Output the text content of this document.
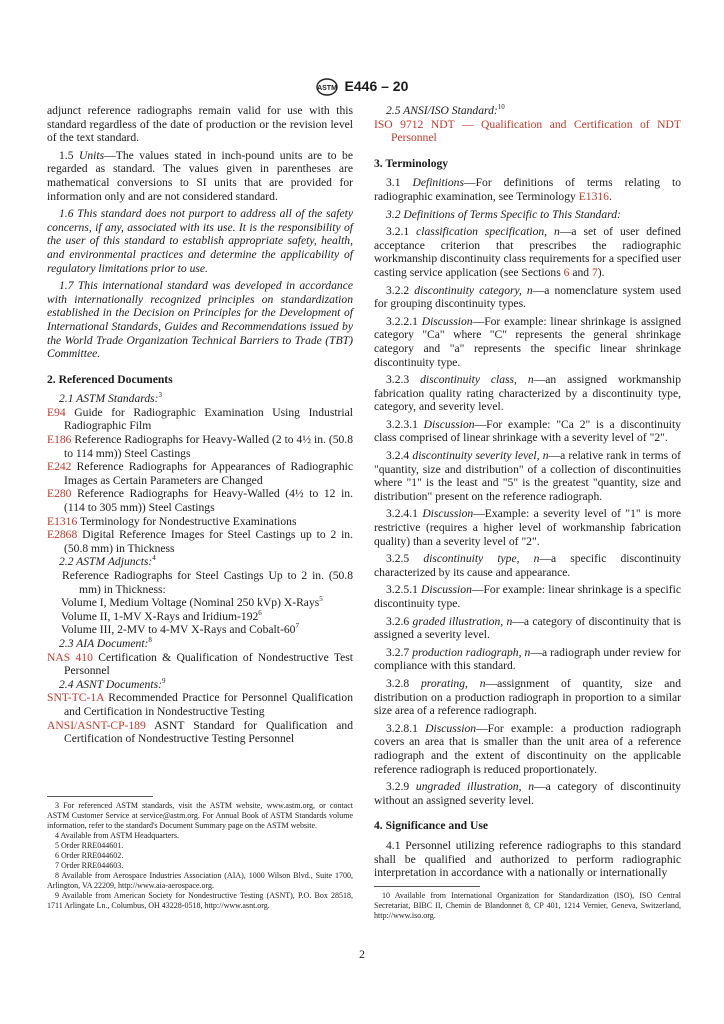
ASTM E446 – 20

adjunct reference radiographs remain valid for use with this standard regardless of the date of production or the revision level of the text standard.

1.5 Units—The values stated in inch-pound units are to be regarded as standard. The values given in parentheses are mathematical conversions to SI units that are provided for information only and are not considered standard.

1.6 This standard does not purport to address all of the safety concerns, if any, associated with its use. It is the responsibility of the user of this standard to establish appropriate safety, health, and environmental practices and determine the applicability of regulatory limitations prior to use.

1.7 This international standard was developed in accordance with internationally recognized principles on standardization established in the Decision on Principles for the Development of International Standards, Guides and Recommendations issued by the World Trade Organization Technical Barriers to Trade (TBT) Committee.

2. Referenced Documents

2.1 ASTM Standards:$^3$

E94 Guide for Radiographic Examination Using Industrial Radiographic Film

E186 Reference Radiographs for Heavy-Walled (2 to 4½ in. (50.8 to 114 mm)) Steel Castings

E242 Reference Radiographs for Appearances of Radiographic Images as Certain Parameters are Changed

E280 Reference Radiographs for Heavy-Walled (4½ to 12 in. (114 to 305 mm)) Steel Castings

E1316 Terminology for Nondestructive Examinations

E2868 Digital Reference Images for Steel Castings up to 2 in. (50.8 mm) in Thickness

2.2 ASTM Adjuncts:$^4$

Reference Radiographs for Steel Castings Up to 2 in. (50.8 mm) in Thickness:

Volume I, Medium Voltage (Nominal 250 kVp) X-Rays$^5$

Volume II, 1-MV X-Rays and Iridium-$192^6$

Volume III, 2-MV to 4-MV X-Rays and Cobalt-$60^7$

2.3 AIA Document:$^8$

NAS 410 Certification & Qualification of Nondestructive Test Personnel

2.4 ASNT Documents:$^9$

SNT-TC-1A Recommended Practice for Personnel Qualification and Certification in Nondestructive Testing

ANSI/ASNT-CP-189 ASNT Standard for Qualification and Certification of Nondestructive Testing Personnel

3 For referenced ASTM standards, visit the ASTM website, www.astm.org, or contact ASTM Customer Service at service@astm.org. For Annual Book of ASTM Standards volume information, refer to the standard's Document Summary page on the ASTM website.

4 Available from ASTM Headquarters.

5 Order RRE044601.

6 Order RRE044602.

7 Order RRE044603.

8 Available from Aerospace Industries Association (AIA), 1000 Wilson Blvd., Suite 1700, Arlington, VA 22209, http://www.aia-aerospace.org.

9 Available from American Society for Nondestructive Testing (ASNT), P.O. Box 28518, 1711 Arlingate Ln., Columbus, OH 43228-0518, http://www.asnt.org.

2.5 ANSI/ISO Standard:$^{10}$

ISO 9712 NDT — Qualification and Certification of NDT Personnel

3. Terminology

3.1 Definitions—For definitions of terms relating to radiographic examination, see Terminology E1316.

3.2 Definitions of Terms Specific to This Standard:

3.2.1 classification specification, n—a set of user defined acceptance criterion that prescribes the radiographic workmanship discontinuity class requirements for a specified user casting service application (see Sections 6 and 7).

3.2.2 discontinuity category, n—a nomenclature system used for grouping discontinuity types.

3.2.2.1 Discussion—For example: linear shrinkage is assigned category "Ca" where "C" represents the general shrinkage category and "a" represents the specific linear shrinkage discontinuity type.

3.2.3 discontinuity class, n—an assigned workmanship fabrication quality rating characterized by a discontinuity type, category, and severity level.

3.2.3.1 Discussion—For example: "Ca 2" is a discontinuity class comprised of linear shrinkage with a severity level of "2".

3.2.4 discontinuity severity level, n—a relative rank in terms of "quantity, size and distribution" of a collection of discontinuities where "1" is the least and "5" is the greatest "quantity, size and distribution" present on the reference radiograph.

3.2.4.1 Discussion—Example: a severity level of "1" is more restrictive (requires a higher level of workmanship fabrication quality) than a severity level of "2".

3.2.5 discontinuity type, n—a specific discontinuity characterized by its cause and appearance.

3.2.5.1 Discussion—For example: linear shrinkage is a specific discontinuity type.

3.2.6 graded illustration, n—a category of discontinuity that is assigned a severity level.

3.2.7 production radiograph, n—a radiograph under review for compliance with this standard.

3.2.8 prorating, n—assignment of quantity, size and distribution on a production radiograph in proportion to a similar size area of a reference radiograph.

3.2.8.1 Discussion—For example: a production radiograph covers an area that is smaller than the unit area of a reference radiograph and the extent of discontinuity on the applicable reference radiograph is reduced proportionately.

3.2.9 ungraded illustration, n—a category of discontinuity without an assigned severity level.

4. Significance and Use

4.1 Personnel utilizing reference radiographs to this standard shall be qualified and authorized to perform radiographic interpretation in accordance with a nationally or internationally

10 Available from International Organization for Standardization (ISO), ISO Central Secretariat, BIBC II, Chemin de Blandonnet 8, CP 401, 1214 Vernier, Geneva, Switzerland, http://www.iso.org.

2
